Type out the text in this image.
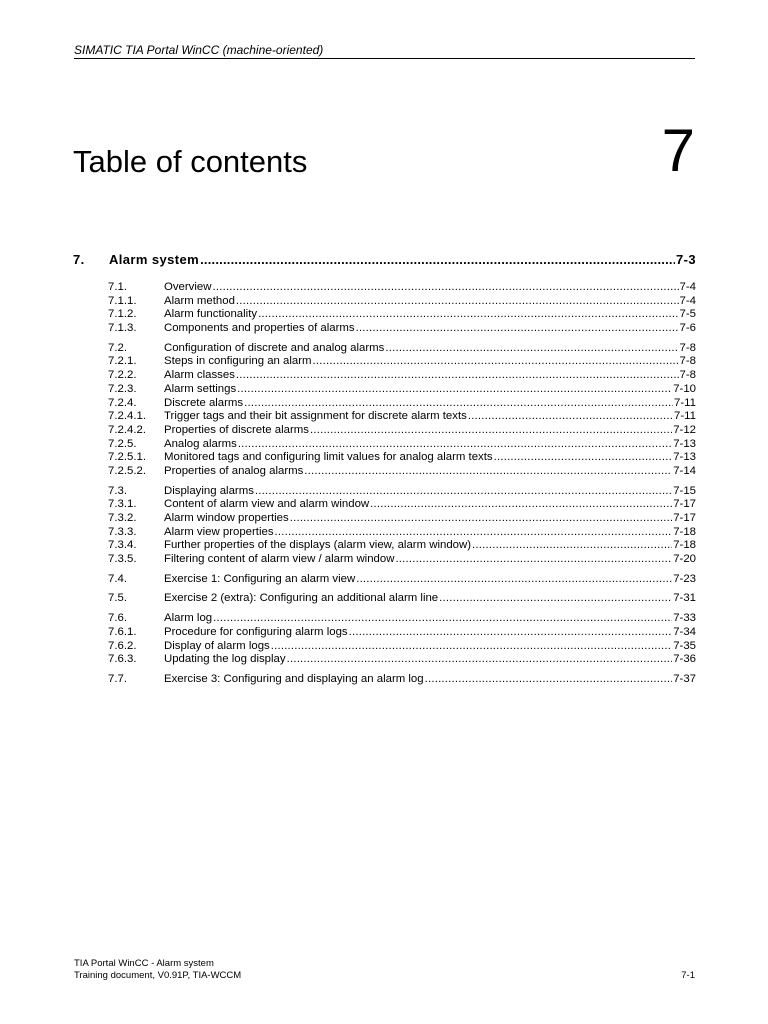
SIMATIC TIA Portal WinCC (machine-oriented)
Table of contents	7
7.	Alarm system .....	7-3
7.1.	Overview .....	7-4
7.1.1.	Alarm method .....	7-4
7.1.2.	Alarm functionality .....	7-5
7.1.3.	Components and properties of alarms .....	7-6
7.2.	Configuration of discrete and analog alarms .....	7-8
7.2.1.	Steps in configuring an alarm .....	7-8
7.2.2.	Alarm classes .....	7-8
7.2.3.	Alarm settings .....	7-10
7.2.4.	Discrete alarms .....	7-11
7.2.4.1.	Trigger tags and their bit assignment for discrete alarm texts .....	7-11
7.2.4.2.	Properties of discrete alarms .....	7-12
7.2.5.	Analog alarms .....	7-13
7.2.5.1.	Monitored tags and configuring limit values for analog alarm texts .....	7-13
7.2.5.2.	Properties of analog alarms .....	7-14
7.3.	Displaying alarms .....	7-15
7.3.1.	Content of alarm view and alarm window .....	7-17
7.3.2.	Alarm window properties .....	7-17
7.3.3.	Alarm view properties .....	7-18
7.3.4.	Further properties of the displays (alarm view, alarm window) .....	7-18
7.3.5.	Filtering content of alarm view / alarm window .....	7-20
7.4.	Exercise 1: Configuring an alarm view .....	7-23
7.5.	Exercise 2 (extra): Configuring an additional alarm line .....	7-31
7.6.	Alarm log .....	7-33
7.6.1.	Procedure for configuring alarm logs .....	7-34
7.6.2.	Display of alarm logs .....	7-35
7.6.3.	Updating the log display .....	7-36
7.7.	Exercise 3: Configuring and displaying an alarm log .....	7-37
TIA Portal WinCC - Alarm system
Training document, V0.91P, TIA-WCCM	7-1
